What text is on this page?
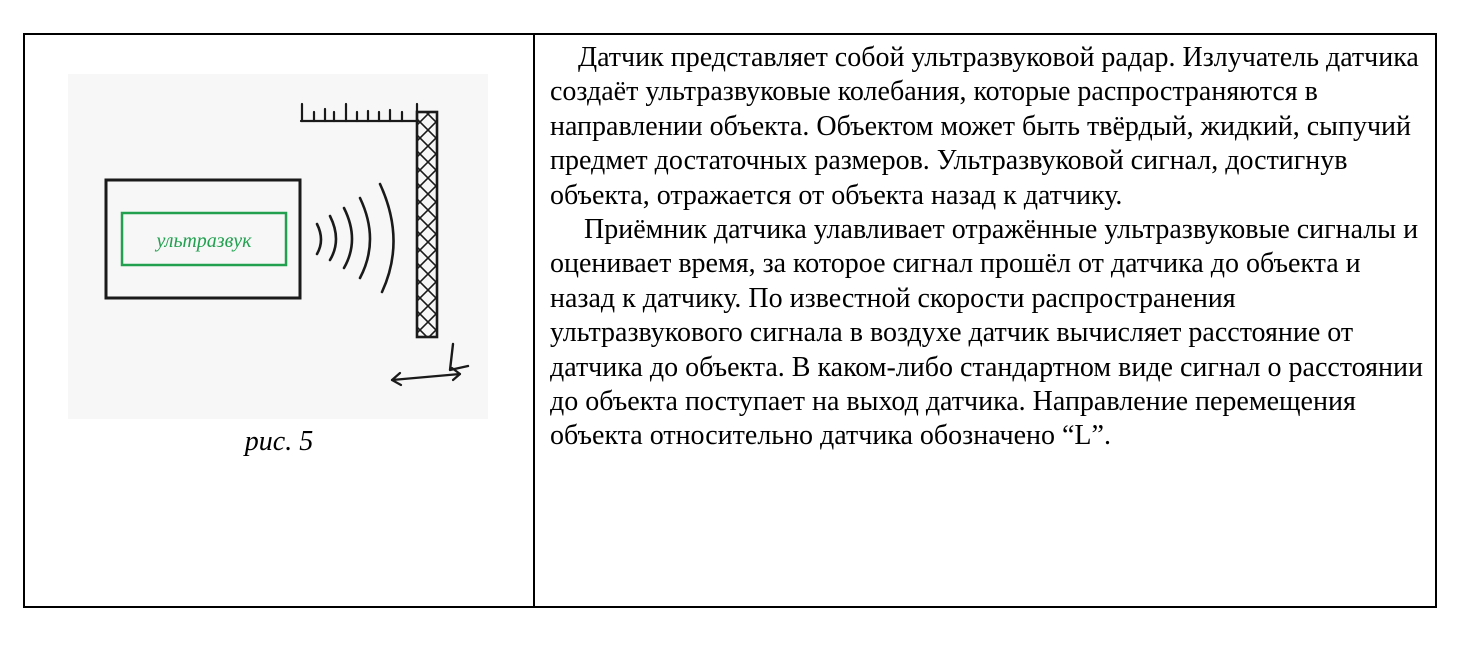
ультразвук
рис. 5

Датчик представляет собой ультразвуковой радар. Излучатель датчика создаёт ультразвуковые колебания, которые распространяются в направлении объекта. Объектом может быть твёрдый, жидкий, сыпучий предмет достаточных размеров. Ультразвуковой сигнал, достигнув объекта, отражается от объекта назад к датчику.

Приёмник датчика улавливает отражённые ультразвуковые сигналы и оценивает время, за которое сигнал прошёл от датчика до объекта и назад к датчику. По известной скорости распространения ультразвукового сигнала в воздухе датчик вычисляет расстояние от датчика до объекта. В каком-либо стандартном виде сигнал о расстоянии до объекта поступает на выход датчика. Направление перемещения объекта относительно датчика обозначено “L”.
